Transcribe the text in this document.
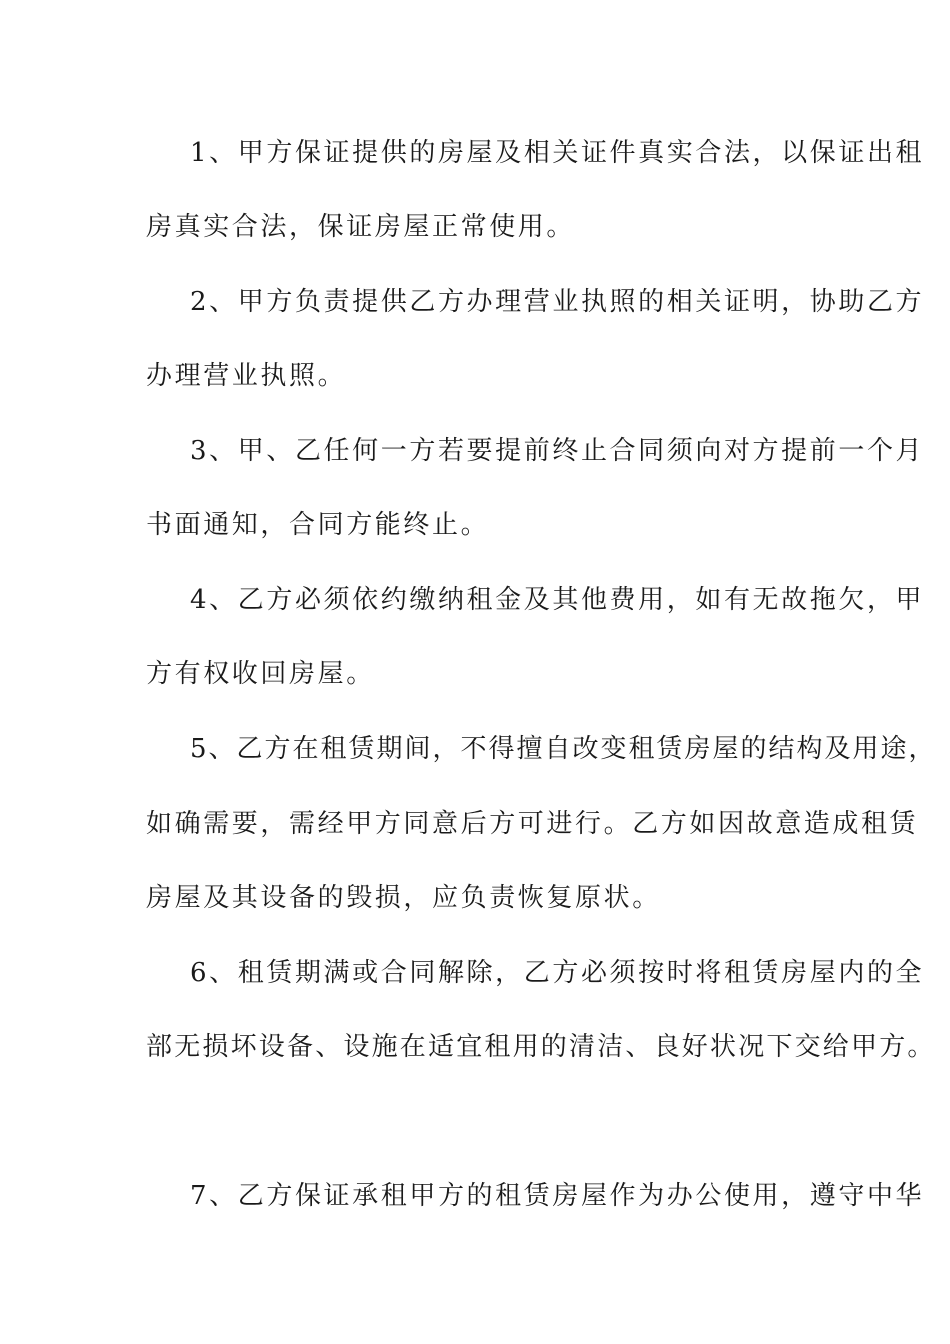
1、甲方保证提供的房屋及相关证件真实合法，以保证出租
房真实合法，保证房屋正常使用。
2、甲方负责提供乙方办理营业执照的相关证明，协助乙方
办理营业执照。
3、甲、乙任何一方若要提前终止合同须向对方提前一个月
书面通知，合同方能终止。
4、乙方必须依约缴纳租金及其他费用，如有无故拖欠，甲
方有权收回房屋。
5、乙方在租赁期间，不得擅自改变租赁房屋的结构及用途，
如确需要，需经甲方同意后方可进行。乙方如因故意造成租赁
房屋及其设备的毁损，应负责恢复原状。
6、租赁期满或合同解除，乙方必须按时将租赁房屋内的全
部无损坏设备、设施在适宜租用的清洁、良好状况下交给甲方。
7、乙方保证承租甲方的租赁房屋作为办公使用，遵守中华
